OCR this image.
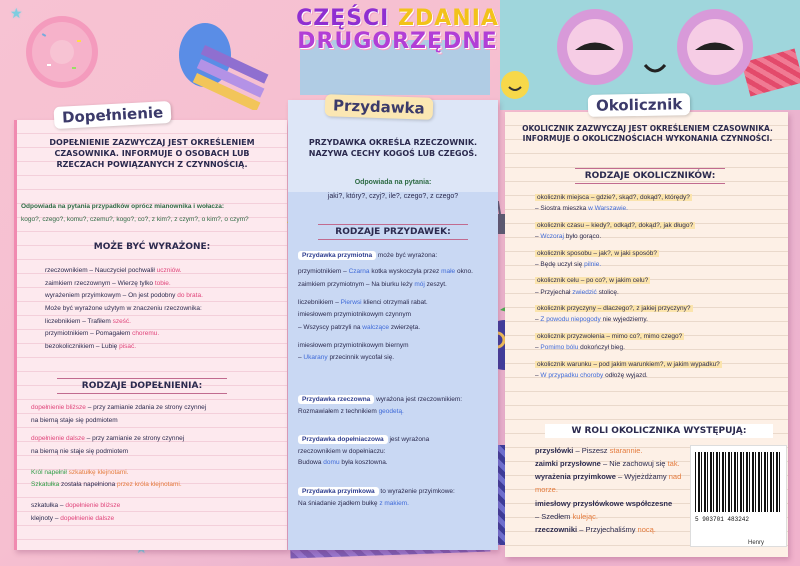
★	CZĘŚCI ZDANIA
DRUGORZĘDNE
DOPEŁNIENIE ZAZWYCZAJ JEST OKREŚLENIEM CZASOWNIKA. INFORMUJE O OSOBACH LUB RZECZACH POWIĄZANYCH Z CZYNNOŚCIĄ.
Odpowiada na pytania przypadków oprócz mianownika i wołacza:
kogo?, czego?, komu?, czemu?, kogo?, co?, z kim?, z czym?, o kim?, o czym?
MOŻE BYĆ WYRAŻONE:
rzeczownikiem – Nauczyciel pochwalił uczniów.
zaimkiem rzeczownym – Wierzę tylko tobie.
wyrażeniem przyimkowym – On jest podobny do brata.
Może być wyrażone użytym w znaczeniu rzeczownika:
liczebnikiem – Trafiłem sześć.
przymiotnikiem – Pomagałem choremu.
bezokolicznikiem – Lubię pisać.
RODZAJE DOPEŁNIENIA:
dopełnienie bliższe – przy zamianie zdania ze strony czynnej
na bierną staje się podmiotem
dopełnienie dalsze – przy zamianie ze strony czynnej
na bierną nie staje się podmiotem
Król napełnił szkatułkę klejnotami.
Szkatułka została napełniona przez króla klejnotami.
szkatułka – dopełnienie bliższe
klejnoty – dopełnienie dalsze
Dopełnienie
PRZYDAWKA OKREŚLA RZECZOWNIK. NAZYWA CECHY KOGOŚ LUB CZEGOŚ.
Odpowiada na pytania:
jaki?, który?, czyj?, ile?, czego?, z czego?
RODZAJE PRZYDAWEK:
Przydawka przymiotna może być wyrażona:
przymiotnikiem – Czarna kotka wyskoczyła przez małe okno.
zaimkiem przymiotnym – Na biurku leży mój zeszyt.
liczebnikiem – Pierwsi klienci otrzymali rabat.
imiesłowem przymiotnikowym czynnym
– Wszyscy patrzyli na walczące zwierzęta.
imiesłowem przymiotnikowym biernym
– Ukarany przecinnik wycofał się.
Przydawka rzeczowna wyrażona jest rzeczownikiem:
Rozmawiałem z technikiem geodetą.
Przydawka dopełniaczowa jest wyrażona
rzeczownikiem w dopełniaczu:
Budowa domu była kosztowna.
Przydawka przyimkowa to wyrażenie przyimkowe:
Na śniadanie zjadłem bułkę z makiem.
Przydawka
OKOLICZNIK ZAZWYCZAJ JEST OKREŚLENIEM CZASOWNIKA. INFORMUJE O OKOLICZNOŚCIACH WYKONANIA CZYNNOŚCI.
RODZAJE OKOLICZNIKÓW:
okolicznik miejsca – gdzie?, skąd?, dokąd?, którędy?
– Siostra mieszka w Warszawie.
okolicznik czasu – kiedy?, odkąd?, dokąd?, jak długo?
– Wczoraj było gorąco.
okolicznik sposobu – jak?, w jaki sposób?
– Będę uczył się pilnie.
okolicznik celu – po co?, w jakim celu?
– Przyjechał zwiedzić stolicę.
okolicznik przyczyny – dlaczego?, z jakiej przyczyny?
– Z powodu niepogody nie wyjedziemy.
okolicznik przyzwolenia – mimo co?, mimo czego?
– Pomimo bólu dokończył bieg.
okolicznik warunku – pod jakim warunkiem?, w jakim wypadku?
– W przypadku choroby odłożę wyjazd.
W ROLI OKOLICZNIKA WYSTĘPUJĄ:
przysłówki – Piszesz starannie.
zaimki przysłowne – Nie zachowuj się tak.
wyrażenia przyimkowe – Wyjeżdżamy nad morze.
imiesłowy przysłówkowe współczesne
– Szedłem kulejąc.
rzeczowniki – Przyjechaliśmy nocą.
Okolicznik
5 903701 483242
Henry
